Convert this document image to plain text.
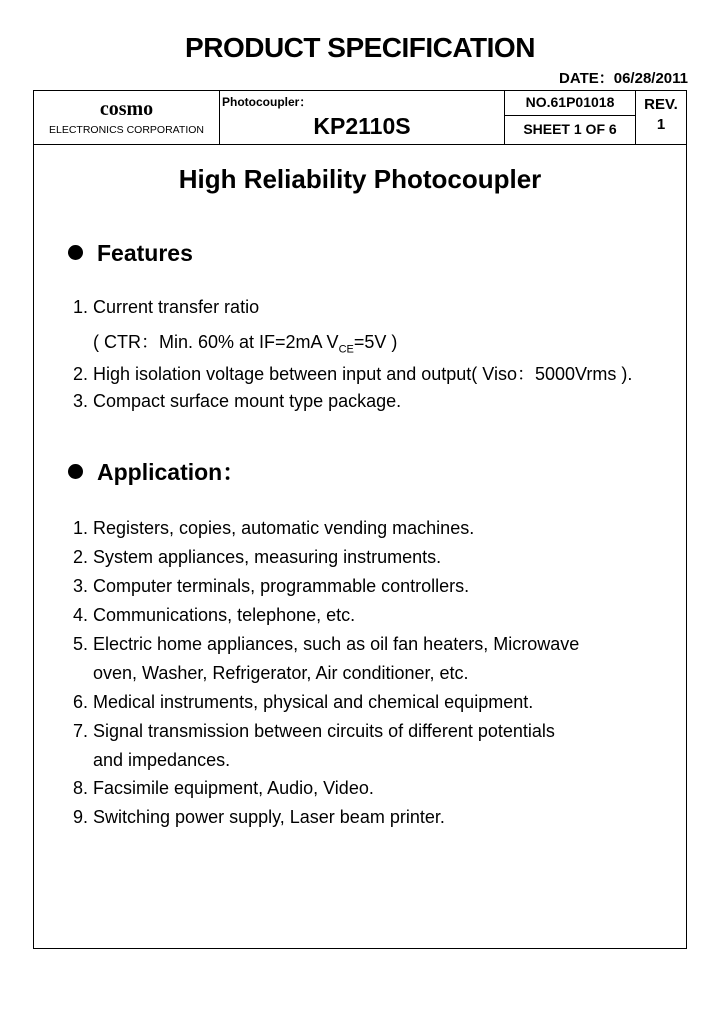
PRODUCT SPECIFICATION
DATE：06/28/2011
cosmo
ELECTRONICS CORPORATION
Photocoupler：
KP2110S
NO.61P01018
SHEET 1 OF 6
REV.
1
High Reliability Photocoupler
Features
1. Current transfer ratio
( CTR：Min. 60% at IF=2mA $V_{CE}=5V$ )
2. High isolation voltage between input and output( Viso：5000Vrms ).
3. Compact surface mount type package.
Application：
1. Registers, copies, automatic vending machines.
2. System appliances, measuring instruments.
3. Computer terminals, programmable controllers.
4. Communications, telephone, etc.
5. Electric home appliances, such as oil fan heaters, Microwave
oven, Washer, Refrigerator, Air conditioner, etc.
6. Medical instruments, physical and chemical equipment.
7. Signal transmission between circuits of different potentials
and impedances.
8. Facsimile equipment, Audio, Video.
9. Switching power supply, Laser beam printer.
